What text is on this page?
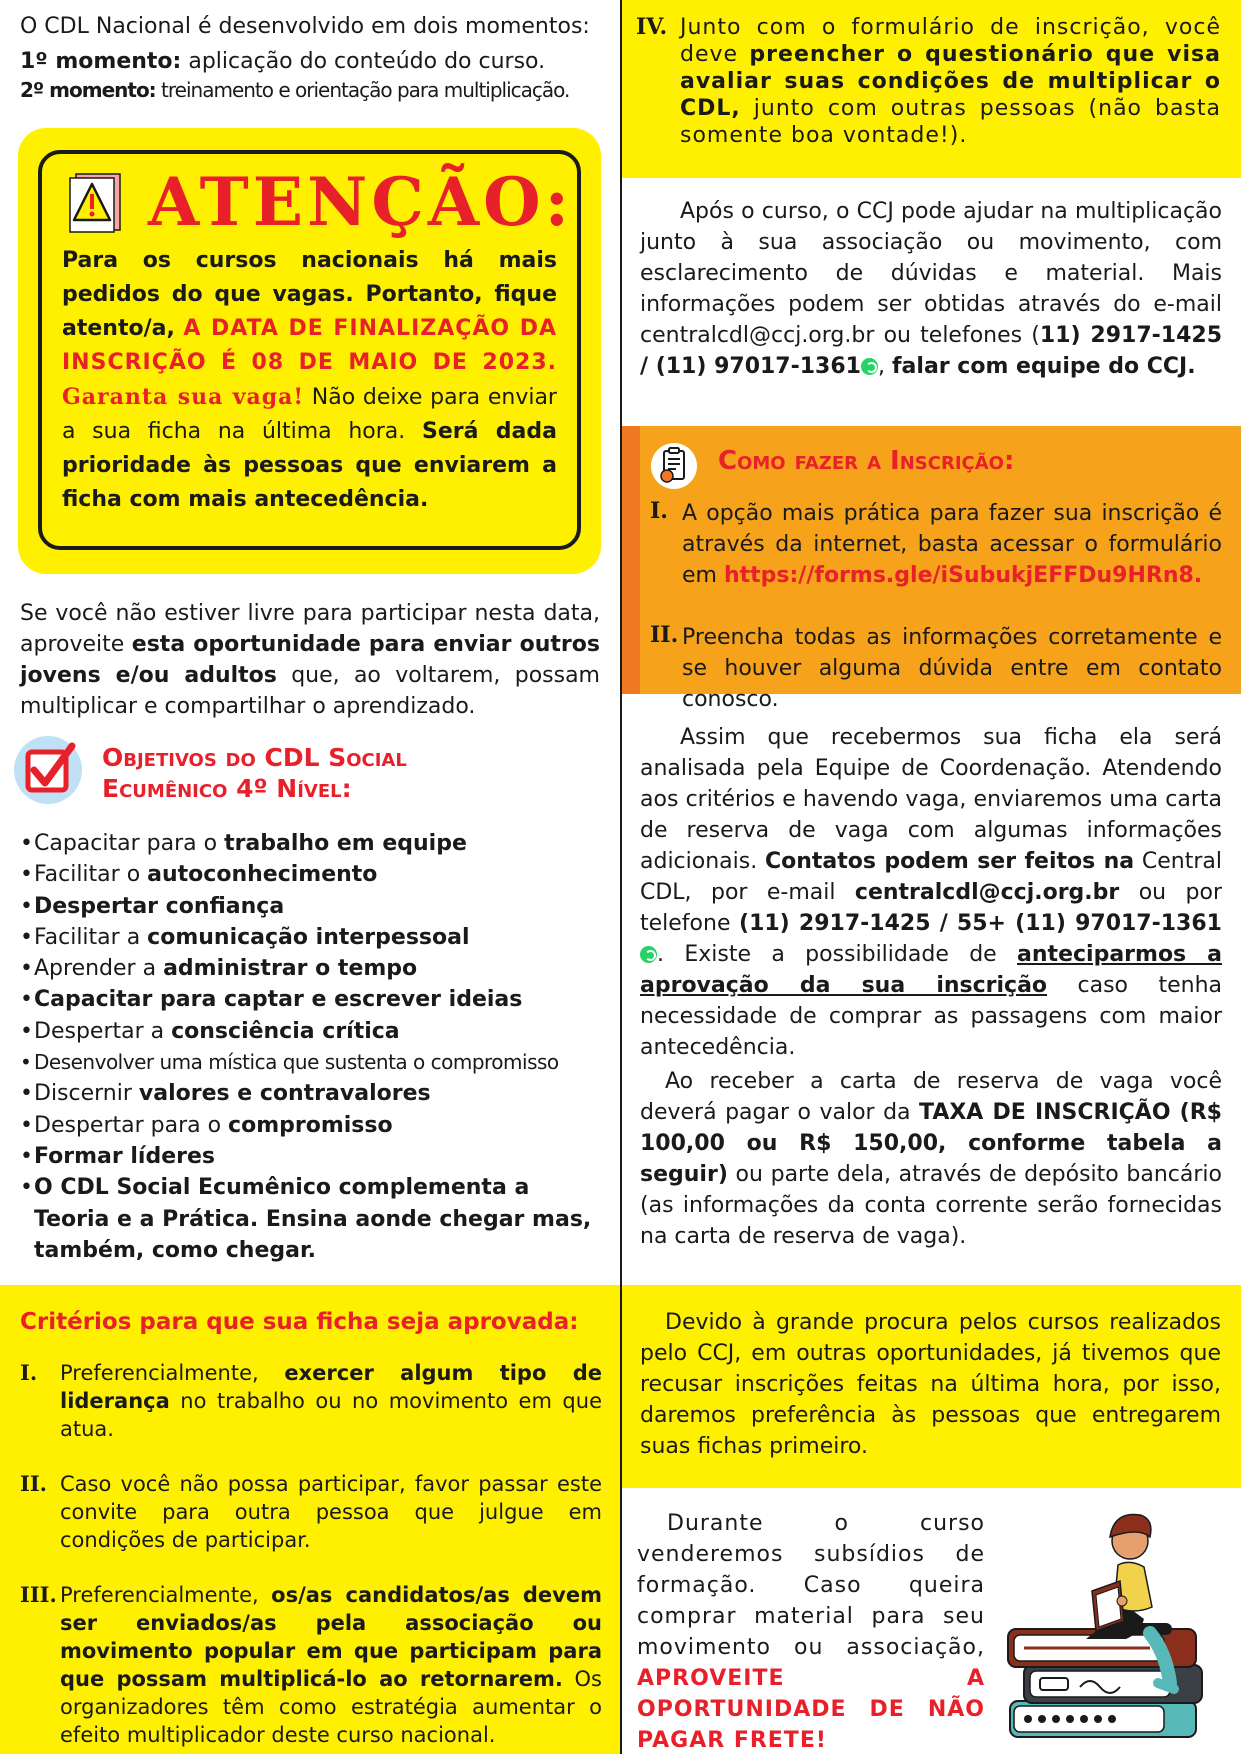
O CDL Nacional é desenvolvido em dois momentos:

1º momento: aplicação do conteúdo do curso.

2º momento: treinamento e orientação para multiplicação.

ATENÇÃO:
Para os cursos nacionais há mais pedidos do que vagas. Portanto, fique atento/a, A DATA DE FINALIZAÇÃO DA INSCRIÇÃO É 08 DE MAIO DE 2023. Garanta sua vaga! Não deixe para enviar a sua ficha na última hora. Será dada prioridade às pessoas que enviarem a ficha com mais antecedência.
Se você não estiver livre para participar nesta data, aproveite esta oportunidade para enviar outros jovens e/ou adultos que, ao voltarem, possam multiplicar e compartilhar o aprendizado.
Objetivos do CDL Social
Ecumênico 4º Nível:
• Capacitar para o trabalho em equipe
• Facilitar o autoconhecimento
• Despertar confiança
• Facilitar a comunicação interpessoal
• Aprender a administrar o tempo
• Capacitar para captar e escrever ideias
• Despertar a consciência crítica
• Desenvolver uma mística que sustenta o compromisso
• Discernir valores e contravalores
• Despertar para o compromisso
• Formar líderes
• O CDL Social Ecumênico complementa a Teoria e a Prática. Ensina aonde chegar mas, também, como chegar.
Critérios para que sua ficha seja aprovada:
I.	Preferencialmente, exercer algum tipo de liderança no trabalho ou no movimento em que atua.
II. Caso você não possa participar, favor passar este convite para outra pessoa que julgue em condições de participar.
III. Preferencialmente, os/as candidatos/as devem ser enviados/as pela associação ou movimento popular em que participam para que possam multiplicá-lo ao retornarem. Os organizadores têm como estratégia aumentar o efeito multiplicador deste curso nacional.
IV. Junto com o formulário de inscrição, você deve preencher o questionário que visa avaliar suas condições de multiplicar o CDL, junto com outras pessoas (não basta somente boa vontade!).
Após o curso, o CCJ pode ajudar na multiplicação junto à sua associação ou movimento, com esclarecimento de dúvidas e material. Mais informações podem ser obtidas através do e-mail centralcdl@ccj.org.br ou telefones (11) 2917-1425 / (11) 97017-1361 , falar com equipe do CCJ.
Como fazer a Inscrição:
I. A opção mais prática para fazer sua inscrição é através da internet, basta acessar o formulário em https://forms.gle/iSubukjEFFDu9HRn8.
II. Preencha todas as informações corretamente e se houver alguma dúvida entre em contato conosco.
Assim que recebermos sua ficha ela será analisada pela Equipe de Coordenação. Atendendo aos critérios e havendo vaga, enviaremos uma carta de reserva de vaga com algumas informações adicionais. Contatos podem ser feitos na Central CDL, por e-mail centralcdl@ccj.org.br ou por telefone (11) 2917-1425 / 55+ (11) 97017-1361. Existe a possibilidade de anteciparmos a aprovação da sua inscrição caso tenha necessidade de comprar as passagens com maior antecedência.
Ao receber a carta de reserva de vaga você deverá pagar o valor da TAXA DE INSCRIÇÃO (R$ 100,00 ou R$ 150,00, conforme tabela a seguir) ou parte dela, através de depósito bancário (as informações da conta corrente serão fornecidas na carta de reserva de vaga).
Devido à grande procura pelos cursos realizados pelo CCJ, em outras oportunidades, já tivemos que recusar inscrições feitas na última hora, por isso, daremos preferência às pessoas que entregarem suas fichas primeiro.
Durante o curso venderemos subsídios de formação. Caso queira comprar material para seu movimento ou associação, APROVEITE A OPORTUNIDADE DE NÃO PAGAR FRETE!
